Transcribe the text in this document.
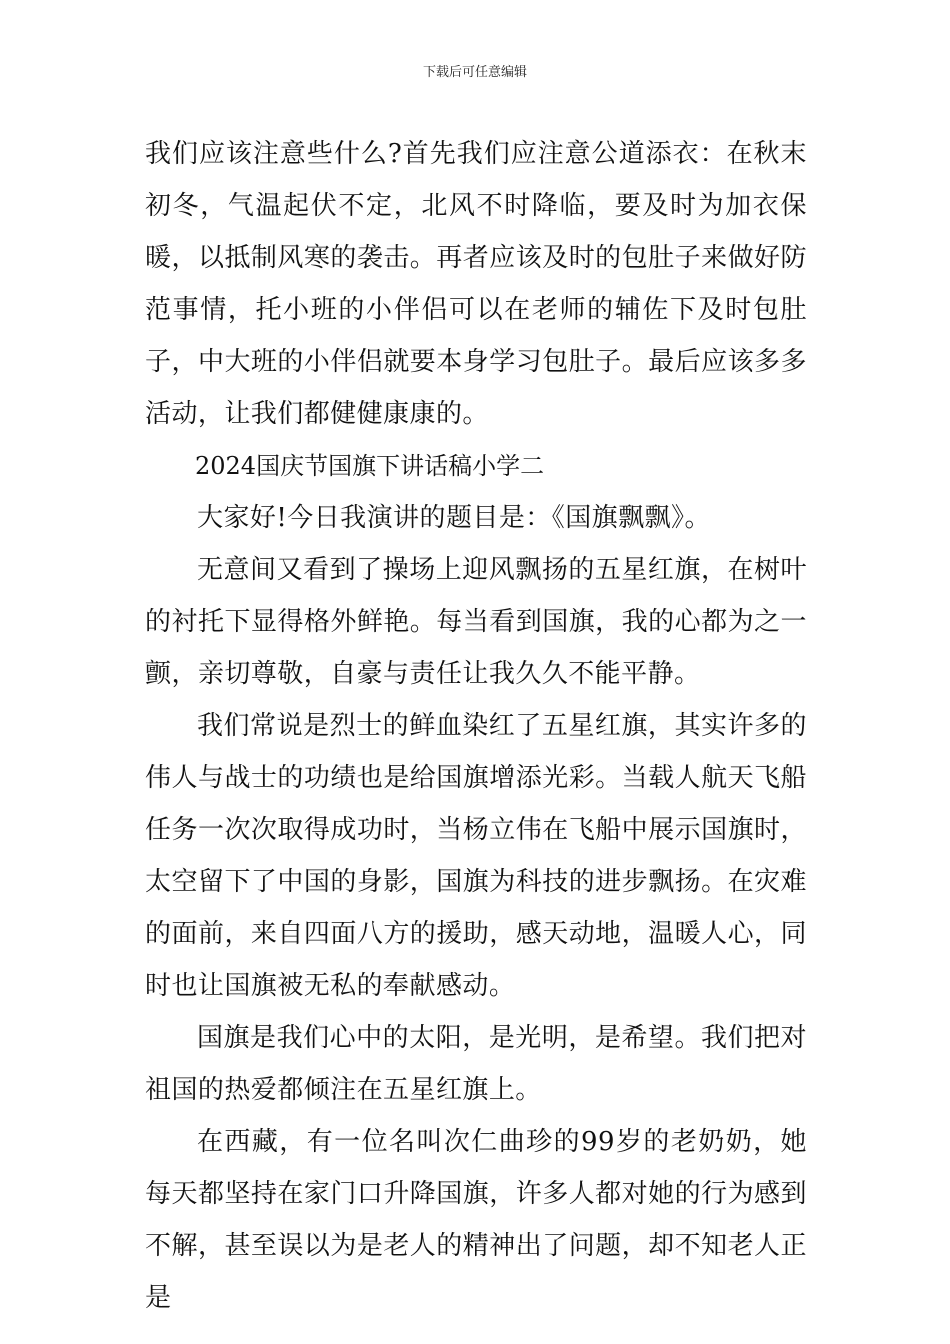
下载后可任意编辑

我们应该注意些什么?首先我们应注意公道添衣：在秋末初冬，气温起伏不定，北风不时降临，要及时为加衣保暖，以抵制风寒的袭击。再者应该及时的包肚子来做好防范事情，托小班的小伴侣可以在老师的辅佐下及时包肚子，中大班的小伴侣就要本身学习包肚子。最后应该多多活动，让我们都健健康康的。

2024国庆节国旗下讲话稿小学二

大家好!今日我演讲的题目是：《国旗飘飘》。

无意间又看到了操场上迎风飘扬的五星红旗，在树叶的衬托下显得格外鲜艳。每当看到国旗，我的心都为之一颤，亲切尊敬，自豪与责任让我久久不能平静。

我们常说是烈士的鲜血染红了五星红旗，其实许多的伟人与战士的功绩也是给国旗增添光彩。当载人航天飞船任务一次次取得成功时，当杨立伟在飞船中展示国旗时，太空留下了中国的身影，国旗为科技的进步飘扬。在灾难的面前，来自四面八方的援助，感天动地，温暖人心，同时也让国旗被无私的奉献感动。

国旗是我们心中的太阳，是光明，是希望。我们把对祖国的热爱都倾注在五星红旗上。

在西藏，有一位名叫次仁曲珍的99岁的老奶奶，她每天都坚持在家门口升降国旗，许多人都对她的行为感到不解，甚至误以为是老人的精神出了问题，却不知老人正是
